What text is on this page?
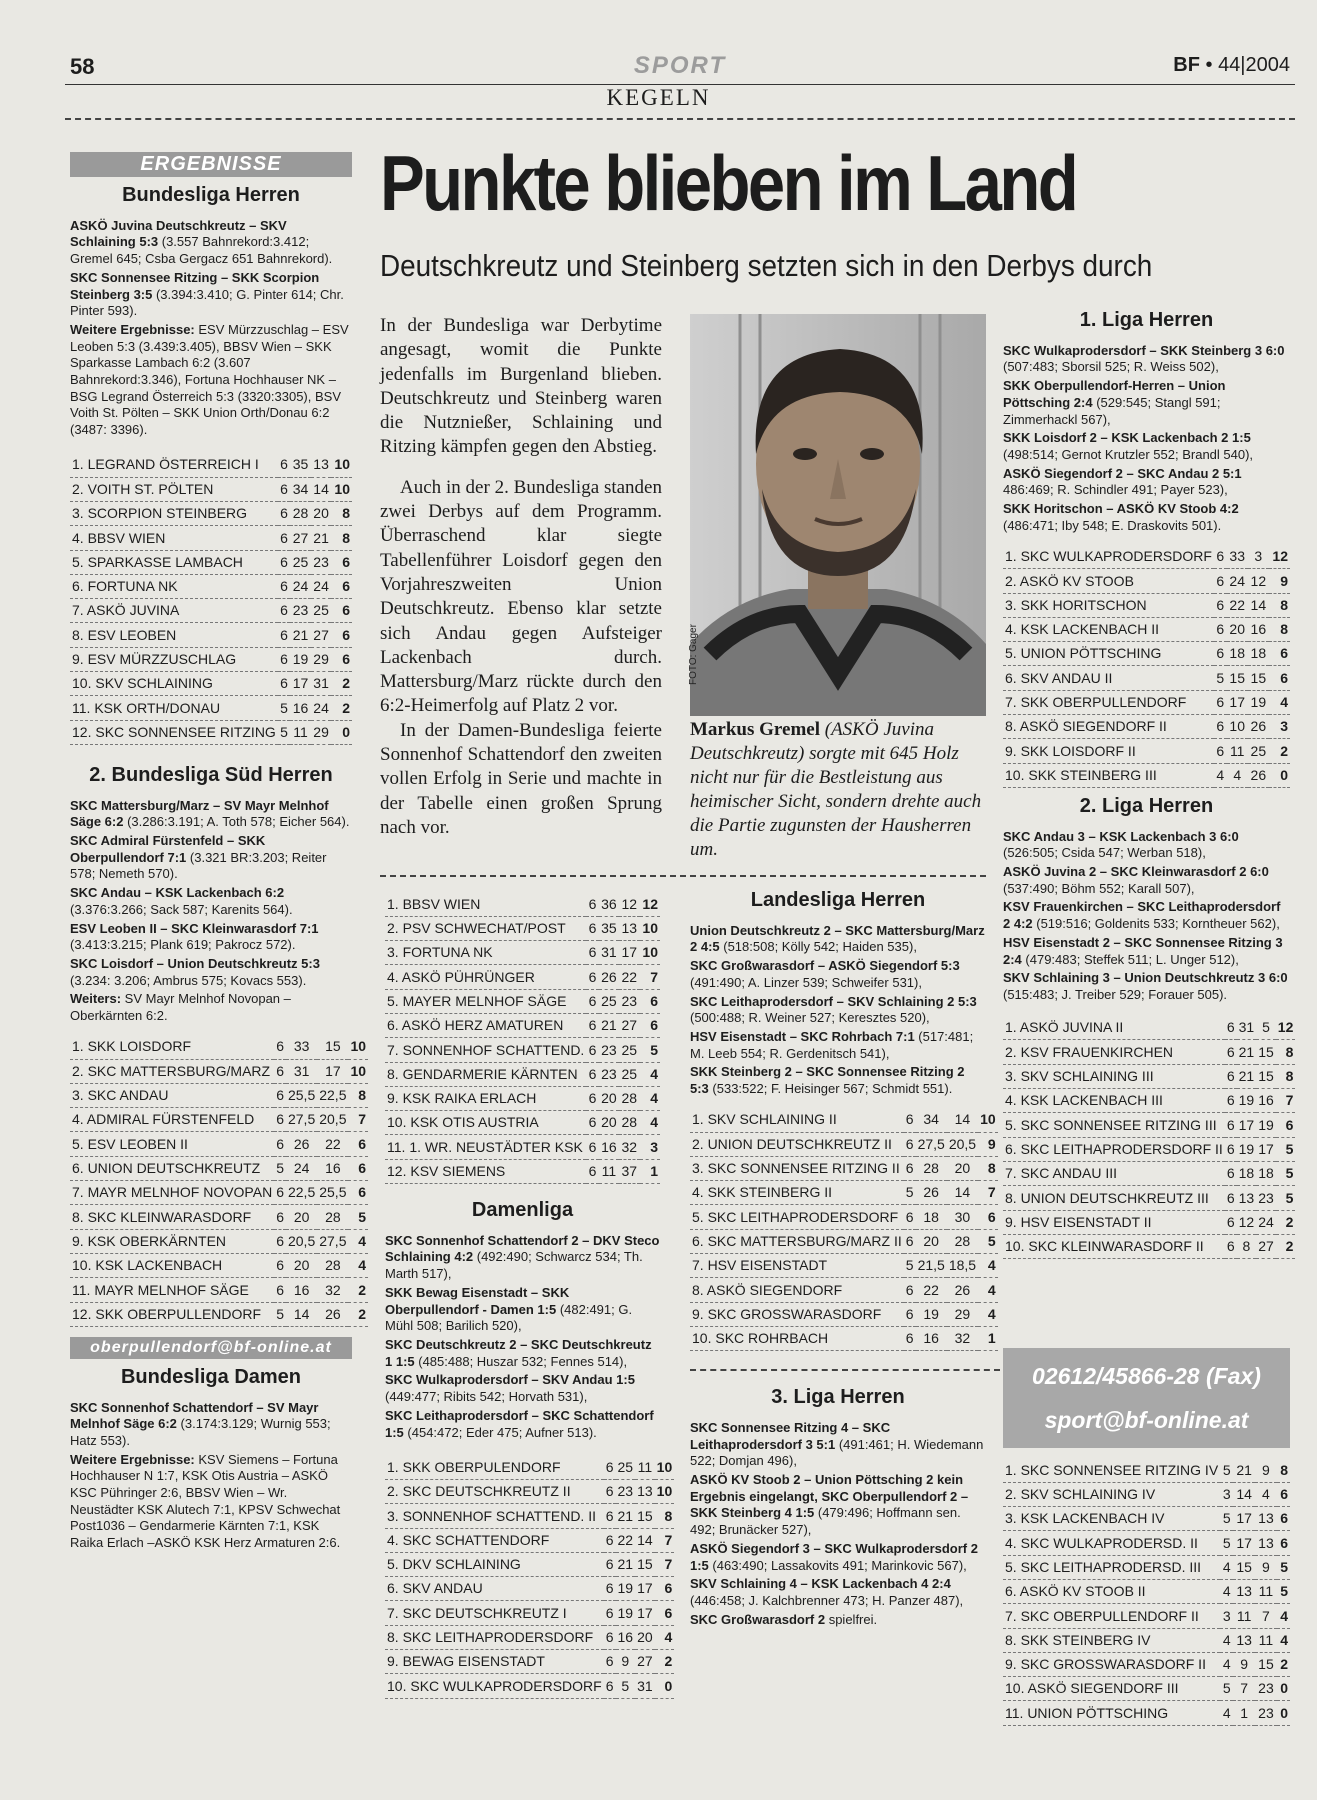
58	SPORT	BF • 44|2004
KEGELN
ERGEBNISSE
Bundesliga Herren

ASKÖ Juvina Deutschkreutz – SKV Schlaining 5:3 (3.557 Bahnrekord:3.412; Gremel 645; Csba Gergacz 651 Bahnrekord).

SKC Sonnensee Ritzing – SKK Scorpion Steinberg 3:5 (3.394:3.410; G. Pinter 614; Chr. Pinter 593).

Weitere Ergebnisse: ESV Mürzzuschlag – ESV Leoben 5:3 (3.439:3.405), BBSV Wien – SKK Sparkasse Lambach 6:2 (3.607 Bahnrekord:3.346), Fortuna Hochhauser NK – BSG Legrand Österreich 5:3 (3320:3305), BSV Voith St. Pölten – SKK Union Orth/Donau 6:2 (3487: 3396).

1. LEGRAND ÖSTERREICH I	6	35	13	10
2. VOITH ST. PÖLTEN	6	34	14	10
3. SCORPION STEINBERG	6	28	20	8
4. BBSV WIEN	6	27	21	8
5. SPARKASSE LAMBACH	6	25	23	6
6. FORTUNA NK	6	24	24	6
7. ASKÖ JUVINA	6	23	25	6
8. ESV LEOBEN	6	21	27	6
9. ESV MÜRZZUSCHLAG	6	19	29	6
10. SKV SCHLAINING	6	17	31	2
11. KSK ORTH/DONAU	5	16	24	2
12. SKC SONNENSEE RITZING	5	11	29	0
2. Bundesliga Süd Herren

SKC Mattersburg/Marz – SV Mayr Melnhof Säge 6:2 (3.286:3.191; A. Toth 578; Eicher 564).

SKC Admiral Fürstenfeld – SKK Oberpullendorf 7:1 (3.321 BR:3.203; Reiter 578; Nemeth 570).

SKC Andau – KSK Lackenbach 6:2 (3.376:3.266; Sack 587; Karenits 564).

ESV Leoben II – SKC Kleinwarasdorf 7:1 (3.413:3.215; Plank 619; Pakrocz 572).

SKC Loisdorf – Union Deutschkreutz 5:3 (3.234: 3.206; Ambrus 575; Kovacs 553).

Weiters: SV Mayr Melnhof Novopan – Oberkärnten 6:2.

1. SKK LOISDORF	6	33	15	10
2. SKC MATTERSBURG/MARZ	6	31	17	10
3. SKC ANDAU	6	25,5	22,5	8
4. ADMIRAL FÜRSTENFELD	6	27,5	20,5	7
5. ESV LEOBEN II	6	26	22	6
6. UNION DEUTSCHKREUTZ	5	24	16	6
7. MAYR MELNHOF NOVOPAN	6	22,5	25,5	6
8. SKC KLEINWARASDORF	6	20	28	5
9. KSK OBERKÄRNTEN	6	20,5	27,5	4
10. KSK LACKENBACH	6	20	28	4
11. MAYR MELNHOF SÄGE	6	16	32	2
12. SKK OBERPULLENDORF	5	14	26	2
oberpullendorf@bf-online.at
Bundesliga Damen

SKC Sonnenhof Schattendorf – SV Mayr Melnhof Säge 6:2 (3.174:3.129; Wurnig 553; Hatz 553).

Weitere Ergebnisse: KSV Siemens – Fortuna Hochhauser N 1:7, KSK Otis Austria – ASKÖ KSC Pühringer 2:6, BBSV Wien – Wr. Neustädter KSK Alutech 7:1, KPSV Schwechat Post1036 – Gendarmerie Kärnten 7:1, KSK Raika Erlach –ASKÖ KSK Herz Armaturen 2:6.

Punkte blieben im Land
Deutschkreutz und Steinberg setzten sich in den Derbys durch

In der Bundesliga war Derbytime angesagt, womit die Punkte jedenfalls im Burgenland blieben. Deutschkreutz und Steinberg waren die Nutznießer, Schlaining und Ritzing kämpfen gegen den Abstieg.

Auch in der 2. Bundesliga standen zwei Derbys auf dem Programm. Überraschend klar siegte Tabellenführer Loisdorf gegen den Vorjahreszweiten Union Deutschkreutz. Ebenso klar setzte sich Andau gegen Aufsteiger Lackenbach durch. Mattersburg/Marz rückte durch den 6:2-Heimerfolg auf Platz 2 vor.

In der Damen-Bundesliga feierte Sonnenhof Schattendorf den zweiten vollen Erfolg in Serie und machte in der Tabelle einen großen Sprung nach vor.

FOTO: Gager
Markus Gremel (ASKÖ Juvina Deutschkreutz) sorgte mit 645 Holz nicht nur für die Bestleistung aus heimischer Sicht, sondern drehte auch die Partie zugunsten der Hausherren um.
1. BBSV WIEN	6	36	12	12
2. PSV SCHWECHAT/POST	6	35	13	10
3. FORTUNA NK	6	31	17	10
4. ASKÖ PÜHRÜNGER	6	26	22	7
5. MAYER MELNHOF SÄGE	6	25	23	6
6. ASKÖ HERZ AMATUREN	6	21	27	6
7. SONNENHOF SCHATTEND.	6	23	25	5
8. GENDARMERIE KÄRNTEN	6	23	25	4
9. KSK RAIKA ERLACH	6	20	28	4
10. KSK OTIS AUSTRIA	6	20	28	4
11. 1. WR. NEUSTÄDTER KSK	6	16	32	3
12. KSV SIEMENS	6	11	37	1
Damenliga

SKC Sonnenhof Schattendorf 2 – DKV Steco Schlaining 4:2 (492:490; Schwarcz 534; Th. Marth 517),

SKK Bewag Eisenstadt – SKK Oberpullendorf - Damen 1:5 (482:491; G. Mühl 508; Barilich 520),

SKC Deutschkreutz 2 – SKC Deutschkreutz 1 1:5 (485:488; Huszar 532; Fennes 514),

SKC Wulkaprodersdorf – SKV Andau 1:5 (449:477; Ribits 542; Horvath 531),

SKC Leithaprodersdorf – SKC Schattendorf 1:5 (454:472; Eder 475; Aufner 513).

1. SKK OBERPULENDORF	6	25	11	10
2. SKC DEUTSCHKREUTZ II	6	23	13	10
3. SONNENHOF SCHATTEND. II	6	21	15	8
4. SKC SCHATTENDORF	6	22	14	7
5. DKV SCHLAINING	6	21	15	7
6. SKV ANDAU	6	19	17	6
7. SKC DEUTSCHKREUTZ I	6	19	17	6
8. SKC LEITHAPRODERSDORF	6	16	20	4
9. BEWAG EISENSTADT	6	9	27	2
10. SKC WULKAPRODERSDORF	6	5	31	0
Landesliga Herren

Union Deutschkreutz 2 – SKC Mattersburg/Marz 2 4:5 (518:508; Kölly 542; Haiden 535),

SKC Großwarasdorf – ASKÖ Siegendorf 5:3 (491:490; A. Linzer 539; Schweifer 531),

SKC Leithaprodersdorf – SKV Schlaining 2 5:3 (500:488; R. Weiner 527; Keresztes 520),

HSV Eisenstadt – SKC Rohrbach 7:1 (517:481; M. Leeb 554; R. Gerdenitsch 541),

SKK Steinberg 2 – SKC Sonnensee Ritzing 2 5:3 (533:522; F. Heisinger 567; Schmidt 551).

1. SKV SCHLAINING II	6	34	14	10
2. UNION DEUTSCHKREUTZ II	6	27,5	20,5	9
3. SKC SONNENSEE RITZING II	6	28	20	8
4. SKK STEINBERG II	5	26	14	7
5. SKC LEITHAPRODERSDORF	6	18	30	6
6. SKC MATTERSBURG/MARZ II	6	20	28	5
7. HSV EISENSTADT	5	21,5	18,5	4
8. ASKÖ SIEGENDORF	6	22	26	4
9. SKC GROSSWARASDORF	6	19	29	4
10. SKC ROHRBACH	6	16	32	1
3. Liga Herren

SKC Sonnensee Ritzing 4 – SKC Leithaprodersdorf 3 5:1 (491:461; H. Wiedemann 522; Domjan 496),

ASKÖ KV Stoob 2 – Union Pöttsching 2 kein Ergebnis eingelangt, SKC Oberpullendorf 2 – SKK Steinberg 4 1:5 (479:496; Hoffmann sen. 492; Brunäcker 527),

ASKÖ Siegendorf 3 – SKC Wulkaprodersdorf 2 1:5 (463:490; Lassakovits 491; Marinkovic 567),

SKV Schlaining 4 – KSK Lackenbach 4 2:4 (446:458; J. Kalchbrenner 473; H. Panzer 487),

SKC Großwarasdorf 2 spielfrei.

1. Liga Herren

SKC Wulkaprodersdorf – SKK Steinberg 3 6:0 (507:483; Sborsil 525; R. Weiss 502),

SKK Oberpullendorf-Herren – Union Pöttsching 2:4 (529:545; Stangl 591; Zimmerhackl 567),

SKK Loisdorf 2 – KSK Lackenbach 2 1:5 (498:514; Gernot Krutzler 552; Brandl 540),

ASKÖ Siegendorf 2 – SKC Andau 2 5:1 486:469; R. Schindler 491; Payer 523),

SKK Horitschon – ASKÖ KV Stoob 4:2 (486:471; Iby 548; E. Draskovits 501).

1. SKC WULKAPRODERSDORF	6	33	3	12
2. ASKÖ KV STOOB	6	24	12	9
3. SKK HORITSCHON	6	22	14	8
4. KSK LACKENBACH II	6	20	16	8
5. UNION PÖTTSCHING	6	18	18	6
6. SKV ANDAU II	5	15	15	6
7. SKK OBERPULLENDORF	6	17	19	4
8. ASKÖ SIEGENDORF II	6	10	26	3
9. SKK LOISDORF II	6	11	25	2
10. SKK STEINBERG III	4	4	26	0
2. Liga Herren

SKC Andau 3 – KSK Lackenbach 3 6:0 (526:505; Csida 547; Werban 518),

ASKÖ Juvina 2 – SKC Kleinwarasdorf 2 6:0 (537:490; Böhm 552; Karall 507),

KSV Frauenkirchen – SKC Leithaprodersdorf 2 4:2 (519:516; Goldenits 533; Korntheuer 562),

HSV Eisenstadt 2 – SKC Sonnensee Ritzing 3 2:4 (479:483; Steffek 511; L. Unger 512),

SKV Schlaining 3 – Union Deutschkreutz 3 6:0 (515:483; J. Treiber 529; Forauer 505).

1. ASKÖ JUVINA II	6	31	5	12
2. KSV FRAUENKIRCHEN	6	21	15	8
3. SKV SCHLAINING III	6	21	15	8
4. KSK LACKENBACH III	6	19	16	7
5. SKC SONNENSEE RITZING III	6	17	19	6
6. SKC LEITHAPRODERSDORF II	6	19	17	5
7. SKC ANDAU III	6	18	18	5
8. UNION DEUTSCHKREUTZ III	6	13	23	5
9. HSV EISENSTADT II	6	12	24	2
10. SKC KLEINWARASDORF II	6	8	27	2
02612/45866-28 (Fax)
sport@bf-online.at
1. SKC SONNENSEE RITZING IV	5	21	9	8
2. SKV SCHLAINING IV	3	14	4	6
3. KSK LACKENBACH IV	5	17	13	6
4. SKC WULKAPRODERSD. II	5	17	13	6
5. SKC LEITHAPRODERSD. III	4	15	9	5
6. ASKÖ KV STOOB II	4	13	11	5
7. SKC OBERPULLENDORF II	3	11	7	4
8. SKK STEINBERG IV	4	13	11	4
9. SKC GROSSWARASDORF II	4	9	15	2
10. ASKÖ SIEGENDORF III	5	7	23	0
11. UNION PÖTTSCHING	4	1	23	0
